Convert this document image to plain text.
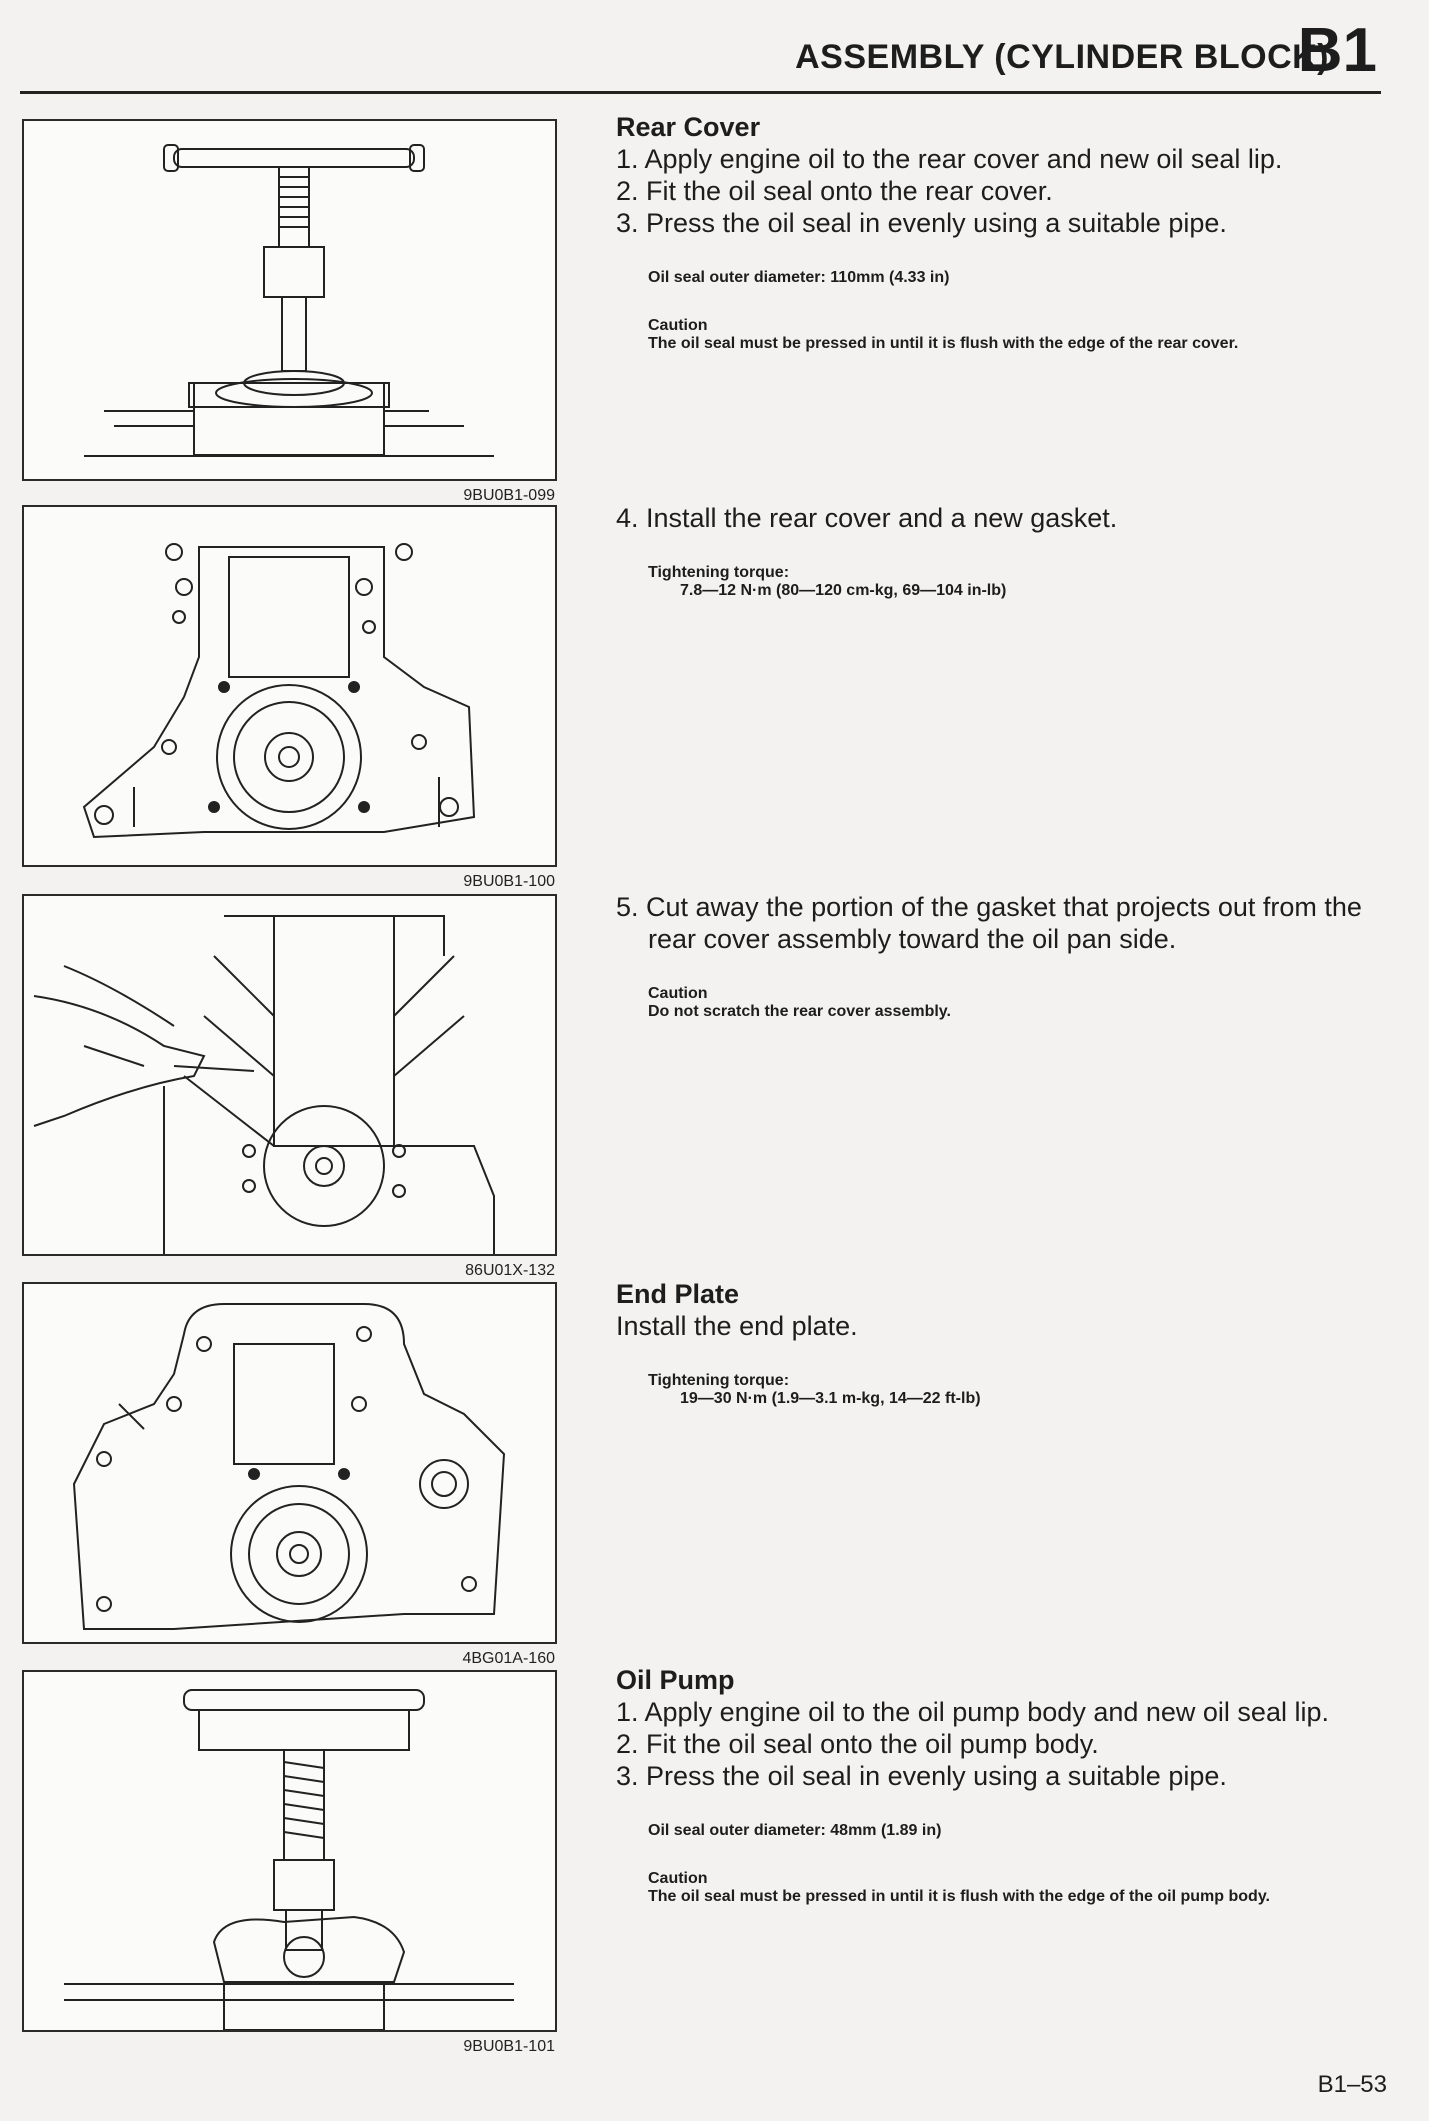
ASSEMBLY (CYLINDER BLOCK)
B1
9BU0B1-099
9BU0B1-100
86U01X-132
4BG01A-160
9BU0B1-101
Rear Cover
1. Apply engine oil to the rear cover and new oil seal lip.
2. Fit the oil seal onto the rear cover.
3. Press the oil seal in evenly using a suitable pipe.
Oil seal outer diameter: 110mm (4.33 in)
Caution
The oil seal must be pressed in until it is flush with the edge of the rear cover.
4. Install the rear cover and a new gasket.
Tightening torque:
7.8—12 N·m (80—120 cm-kg, 69—104 in-lb)
5. Cut away the portion of the gasket that projects out from the rear cover assembly toward the oil pan side.
Caution
Do not scratch the rear cover assembly.
End Plate
Install the end plate.
Tightening torque:
19—30 N·m (1.9—3.1 m-kg, 14—22 ft-lb)
Oil Pump
1. Apply engine oil to the oil pump body and new oil seal lip.
2. Fit the oil seal onto the oil pump body.
3. Press the oil seal in evenly using a suitable pipe.
Oil seal outer diameter: 48mm (1.89 in)
Caution
The oil seal must be pressed in until it is flush with the edge of the oil pump body.
B1–53
